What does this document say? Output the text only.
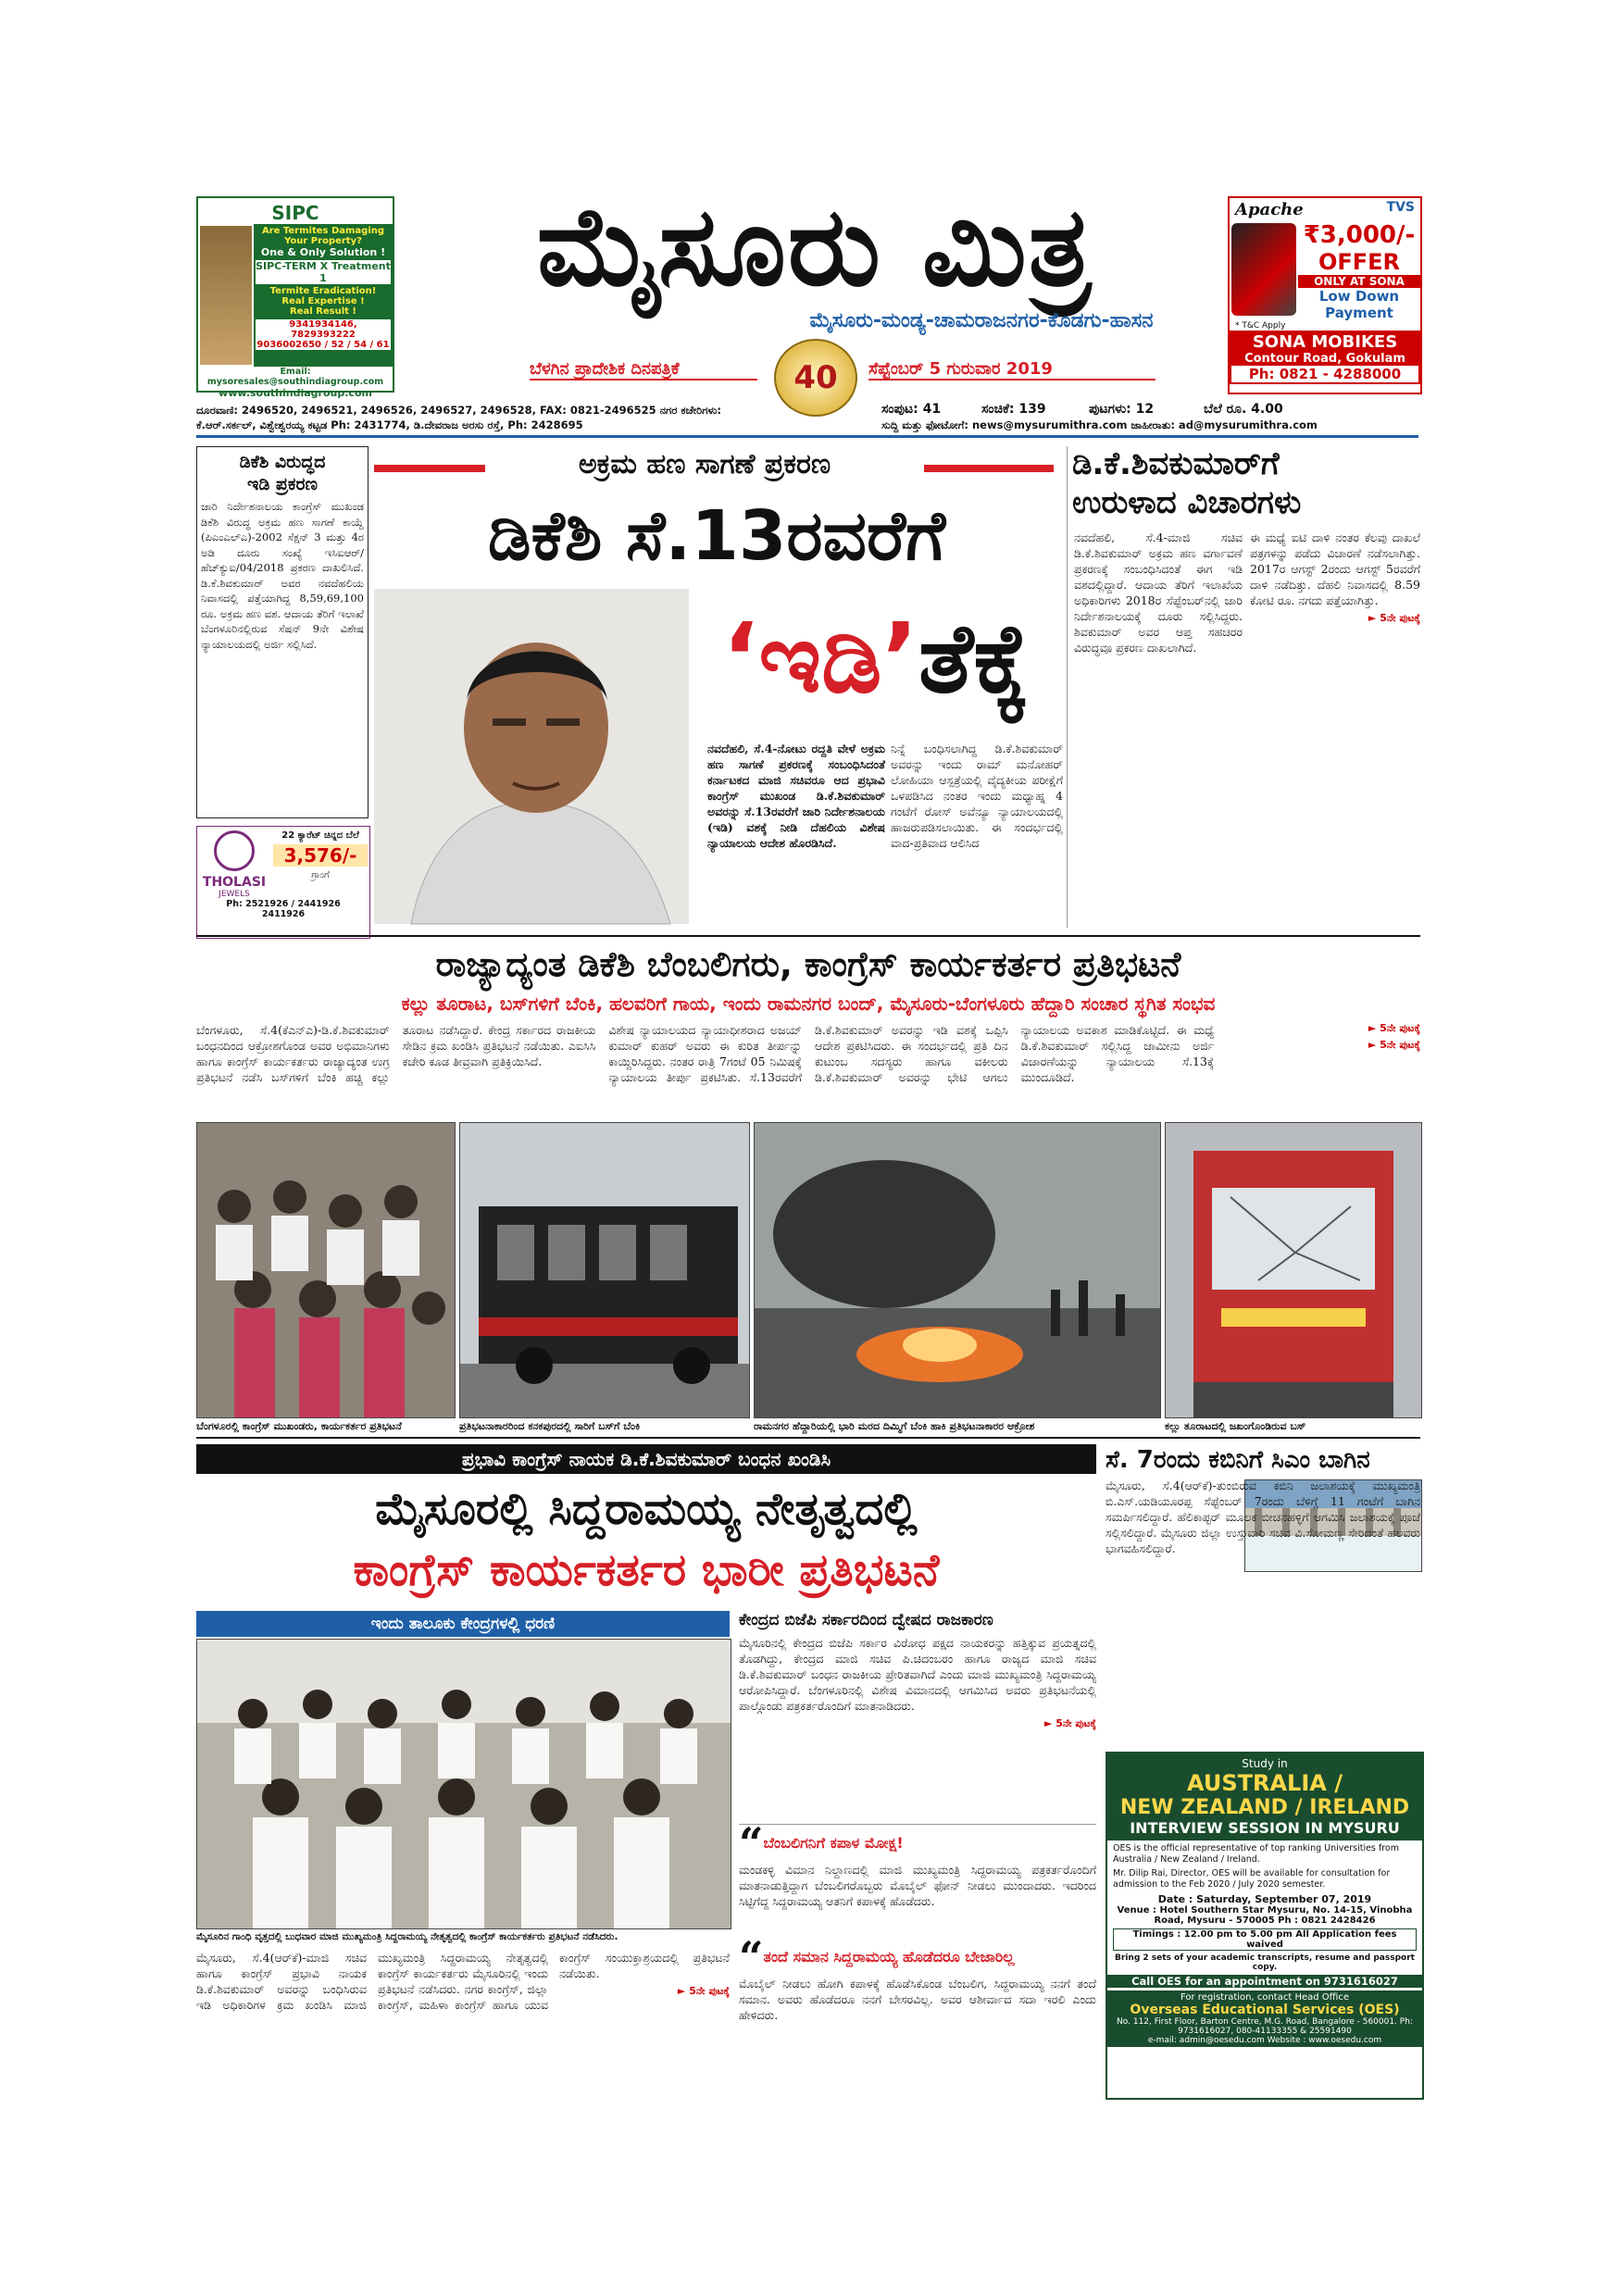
SIPC
Are Termites Damaging Your Property?
One & Only Solution !
SIPC-TERM X Treatment 1
Termite Eradication!
Real Expertise !
Real Result !
9341934146, 7829393222
9036002650 / 52 / 54 / 61
Email: mysoresales@southindiagroup.com
www.southindiagroup.com
ಮೈಸೂರು ಮಿತ್ರ
ಮೈಸೂರು-ಮಂಡ್ಯ-ಚಾಮರಾಜನಗರ-ಕೊಡಗು-ಹಾಸನ
ಬೆಳಗಿನ ಪ್ರಾದೇಶಿಕ ದಿನಪತ್ರಿಕೆ	40	ಸೆಪ್ಟೆಂಬರ್ 5 ಗುರುವಾರ 2019
Apache	TVS
₹3,000/-
OFFER
ONLY AT SONA
Low Down
Payment
* T&C Apply
SONA MOBIKES
Contour Road, Gokulam
Ph: 0821 - 4288000
ದೂರವಾಣಿ: 2496520, 2496521, 2496526, 2496527, 2496528, FAX: 0821-2496525 ನಗರ ಕಚೇರಿಗಳು:
ಕೆ.ಆರ್.ಸರ್ಕಲ್, ವಿಶ್ವೇಶ್ವರಯ್ಯ ಕಟ್ಟಡ Ph: 2431774, ಡಿ.ದೇವರಾಜ ಅರಸು ರಸ್ತೆ, Ph: 2428695
ಸಂಪುಟ: 41	ಸಂಚಿಕೆ: 139	ಪುಟಗಳು: 12	ಬೆಲೆ ರೂ. 4.00
ಸುದ್ದಿ ಮತ್ತು ಫೋಟೋಗೆ: news@mysurumithra.com ಜಾಹೀರಾತು: ad@mysurumithra.com
ಡಿಕೆಶಿ ವಿರುದ್ಧದ
ಇಡಿ ಪ್ರಕರಣ

ಜಾರಿ ನಿರ್ದೇಶನಾಲಯ ಕಾಂಗ್ರೆಸ್ ಮುಖಂಡ ಡಿಕೆಶಿ ವಿರುದ್ಧ ಅಕ್ರಮ ಹಣ ಸಾಗಣೆ ಕಾಯ್ದೆ (ಪಿಎಂಎಲ್ಎ)-2002 ಸೆಕ್ಷನ್ 3 ಮತ್ತು 4ರ ಅಡಿ ದೂರು ಸಂಖ್ಯೆ ಇಸಿಐಆರ್/ಹೆಚ್‌ಕ್ಯುಐ/04/2018 ಪ್ರಕರಣ ದಾಖಲಿಸಿದೆ. ಡಿ.ಕೆ.ಶಿವಕುಮಾರ್ ಅವರ ನವದೆಹಲಿಯ ನಿವಾಸದಲ್ಲಿ ಪತ್ತೆಯಾಗಿದ್ದ 8,59,69,100 ರೂ. ಅಕ್ರಮ ಹಣ ವಶ. ಆದಾಯ ತೆರಿಗೆ ಇಲಾಖೆ ಬೆಂಗಳೂರಿನಲ್ಲಿರುವ ಸೆಷನ್ 9ನೇ ವಿಶೇಷ ನ್ಯಾಯಾಲಯದಲ್ಲಿ ಅರ್ಜಿ ಸಲ್ಲಿಸಿದೆ.

THOLASI
JEWELS
22 ಕ್ಯಾರೆಟ್ ಚಿನ್ನದ ಬೆಲೆ
3,576/-
ಗ್ರಾಂಗೆ
Ph: 2521926 / 2441926
2411926
ಅಕ್ರಮ ಹಣ ಸಾಗಣೆ ಪ್ರಕರಣ
ಡಿಕೆಶಿ ಸೆ.13ರವರೆಗೆ
‘ಇಡಿ’ತೆಕ್ಕೆ

ನವದೆಹಲಿ, ಸೆ.4-ನೋಟು ರದ್ದತಿ ವೇಳೆ ಅಕ್ರಮ ಹಣ ಸಾಗಣೆ ಪ್ರಕರಣಕ್ಕೆ ಸಂಬಂಧಿಸಿದಂತೆ ಕರ್ನಾಟಕದ ಮಾಜಿ ಸಚಿವರೂ ಆದ ಪ್ರಭಾವಿ ಕಾಂಗ್ರೆಸ್ ಮುಖಂಡ ಡಿ.ಕೆ.ಶಿವಕುಮಾರ್ ಅವರನ್ನು ಸೆ.13ರವರೆಗೆ ಜಾರಿ ನಿರ್ದೇಶನಾಲಯ (ಇಡಿ) ವಶಕ್ಕೆ ನೀಡಿ ದೆಹಲಿಯ ವಿಶೇಷ ನ್ಯಾಯಾಲಯ ಆದೇಶ ಹೊರಡಿಸಿದೆ.

ನಿನ್ನೆ ಬಂಧಿಸಲಾಗಿದ್ದ ಡಿ.ಕೆ.ಶಿವಕುಮಾರ್ ಅವರನ್ನು ಇಂದು ರಾಮ್ ಮನೋಹರ್ ಲೋಹಿಯಾ ಆಸ್ಪತ್ರೆಯಲ್ಲಿ ವೈದ್ಯಕೀಯ ಪರೀಕ್ಷೆಗೆ ಒಳಪಡಿಸಿದ ನಂತರ ಇಂದು ಮಧ್ಯಾಹ್ನ 4 ಗಂಟೆಗೆ ರೋಸ್ ಅವೆನ್ಯೂ ನ್ಯಾಯಾಲಯದಲ್ಲಿ ಹಾಜರುಪಡಿಸಲಾಯಿತು. ಈ ಸಂದರ್ಭದಲ್ಲಿ ವಾದ-ಪ್ರತಿವಾದ ಆಲಿಸಿದ

ಡಿ.ಕೆ.ಶಿವಕುಮಾರ್‌ಗೆ
ಉರುಳಾದ ವಿಚಾರಗಳು

ನವದೆಹಲಿ, ಸೆ.4-ಮಾಜಿ ಸಚಿವ ಡಿ.ಕೆ.ಶಿವಕುಮಾರ್ ಅಕ್ರಮ ಹಣ ವರ್ಗಾವಣೆ ಪ್ರಕರಣಕ್ಕೆ ಸಂಬಂಧಿಸಿದಂತೆ ಈಗ ಇಡಿ ವಶದಲ್ಲಿದ್ದಾರೆ. ಆದಾಯ ತೆರಿಗೆ ಇಲಾಖೆಯ ಅಧಿಕಾರಿಗಳು 2018ರ ಸೆಪ್ಟೆಂಬರ್‌ನಲ್ಲಿ ಜಾರಿ ನಿರ್ದೇಶನಾಲಯಕ್ಕೆ ದೂರು ಸಲ್ಲಿಸಿದ್ದರು. ಶಿವಕುಮಾರ್ ಅವರ ಆಪ್ತ ಸಹಚರರ ವಿರುದ್ಧವೂ ಪ್ರಕರಣ ದಾಖಲಾಗಿದೆ.

ಈ ಮಧ್ಯೆ ಐಟಿ ದಾಳಿ ನಂತರ ಕೆಲವು ದಾಖಲೆ ಪತ್ರಗಳನ್ನು ಪಡೆದು ವಿಚಾರಣೆ ನಡೆಸಲಾಗಿತ್ತು. 2017ರ ಆಗಸ್ಟ್ 2ರಂದು ಆಗಸ್ಟ್ 5ರವರೆಗೆ ದಾಳಿ ನಡೆದಿತ್ತು. ದೆಹಲಿ ನಿವಾಸದಲ್ಲಿ 8.59 ಕೋಟಿ ರೂ. ನಗದು ಪತ್ತೆಯಾಗಿತ್ತು.

► 5ನೇ ಪುಟಕ್ಕೆ
ರಾಜ್ಯಾದ್ಯಂತ ಡಿಕೆಶಿ ಬೆಂಬಲಿಗರು, ಕಾಂಗ್ರೆಸ್ ಕಾರ್ಯಕರ್ತರ ಪ್ರತಿಭಟನೆ
ಕಲ್ಲು ತೂರಾಟ, ಬಸ್‌ಗಳಿಗೆ ಬೆಂಕಿ, ಹಲವರಿಗೆ ಗಾಯ, ಇಂದು ರಾಮನಗರ ಬಂದ್, ಮೈಸೂರು-ಬೆಂಗಳೂರು ಹೆದ್ದಾರಿ ಸಂಚಾರ ಸ್ಥಗಿತ ಸಂಭವ

ಬೆಂಗಳೂರು, ಸೆ.4(ಕೆಎನ್‌ಎ)-ಡಿ.ಕೆ.ಶಿವಕುಮಾರ್ ಬಂಧನದಿಂದ ಆಕ್ರೋಶಗೊಂಡ ಅವರ ಅಭಿಮಾನಿಗಳು ಹಾಗೂ ಕಾಂಗ್ರೆಸ್ ಕಾರ್ಯಕರ್ತರು ರಾಜ್ಯಾದ್ಯಂತ ಉಗ್ರ ಪ್ರತಿಭಟನೆ ನಡೆಸಿ ಬಸ್‌ಗಳಿಗೆ ಬೆಂಕಿ ಹಚ್ಚಿ ಕಲ್ಲು ತೂರಾಟ ನಡೆಸಿದ್ದಾರೆ. ಕೇಂದ್ರ ಸರ್ಕಾರದ ರಾಜಕೀಯ ಸೇಡಿನ ಕ್ರಮ ಖಂಡಿಸಿ ಪ್ರತಿಭಟನೆ ನಡೆಯಿತು. ಎಐಸಿಸಿ ಕಚೇರಿ ಕೂಡ ತೀವ್ರವಾಗಿ ಪ್ರತಿಕ್ರಿಯಿಸಿದೆ.

ವಿಶೇಷ ನ್ಯಾಯಾಲಯದ ನ್ಯಾಯಾಧೀಶರಾದ ಅಜಯ್ ಕುಮಾರ್ ಕುಹರ್ ಅವರು ಈ ಕುರಿತ ತೀರ್ಪನ್ನು ಕಾಯ್ದಿರಿಸಿದ್ದರು. ನಂತರ ರಾತ್ರಿ 7ಗಂಟೆ 05 ನಿಮಿಷಕ್ಕೆ ನ್ಯಾಯಾಲಯ ತೀರ್ಪು ಪ್ರಕಟಿಸಿತು. ಸೆ.13ರವರೆಗೆ ಡಿ.ಕೆ.ಶಿವಕುಮಾರ್ ಅವರನ್ನು ಇಡಿ ವಶಕ್ಕೆ ಒಪ್ಪಿಸಿ ಆದೇಶ ಪ್ರಕಟಿಸಿದರು. ಈ ಸಂದರ್ಭದಲ್ಲಿ ಪ್ರತಿ ದಿನ ಕುಟುಂಬ ಸದಸ್ಯರು ಹಾಗೂ ವಕೀಲರು ಡಿ.ಕೆ.ಶಿವಕುಮಾರ್ ಅವರನ್ನು ಭೇಟಿ ಆಗಲು ನ್ಯಾಯಾಲಯ ಅವಕಾಶ ಮಾಡಿಕೊಟ್ಟಿದೆ. ಈ ಮಧ್ಯೆ ಡಿ.ಕೆ.ಶಿವಕುಮಾರ್ ಸಲ್ಲಿಸಿದ್ದ ಜಾಮೀನು ಅರ್ಜಿ ವಿಚಾರಣೆಯನ್ನು ನ್ಯಾಯಾಲಯ ಸೆ.13ಕ್ಕೆ ಮುಂದೂಡಿದೆ.

► 5ನೇ ಪುಟಕ್ಕೆ
► 5ನೇ ಪುಟಕ್ಕೆ
ಬೆಂಗಳೂರಲ್ಲಿ ಕಾಂಗ್ರೆಸ್ ಮುಖಂಡರು, ಕಾರ್ಯಕರ್ತರ ಪ್ರತಿಭಟನೆ	ಪ್ರತಿಭಟನಾಕಾರರಿಂದ ಕನಕಪುರದಲ್ಲಿ ಸಾರಿಗೆ ಬಸ್‌ಗೆ ಬೆಂಕಿ	ರಾಮನಗರ ಹೆದ್ದಾರಿಯಲ್ಲಿ ಭಾರಿ ಮರದ ದಿಮ್ಮಿಗೆ ಬೆಂಕಿ ಹಾಕಿ ಪ್ರತಿಭಟನಾಕಾರರ ಆಕ್ರೋಶ	ಕಲ್ಲು ತೂರಾಟದಲ್ಲಿ ಜಖಂಗೊಂಡಿರುವ ಬಸ್
ಪ್ರಭಾವಿ ಕಾಂಗ್ರೆಸ್ ನಾಯಕ ಡಿ.ಕೆ.ಶಿವಕುಮಾರ್ ಬಂಧನ ಖಂಡಿಸಿ
ಮೈಸೂರಲ್ಲಿ ಸಿದ್ದರಾಮಯ್ಯ ನೇತೃತ್ವದಲ್ಲಿ
ಕಾಂಗ್ರೆಸ್ ಕಾರ್ಯಕರ್ತರ ಭಾರೀ ಪ್ರತಿಭಟನೆ
ಇಂದು ತಾಲೂಕು ಕೇಂದ್ರಗಳಲ್ಲಿ ಧರಣಿ
ಮೈಸೂರಿನ ಗಾಂಧಿ ವೃತ್ತದಲ್ಲಿ ಬುಧವಾರ ಮಾಜಿ ಮುಖ್ಯಮಂತ್ರಿ ಸಿದ್ದರಾಮಯ್ಯ ನೇತೃತ್ವದಲ್ಲಿ ಕಾಂಗ್ರೆಸ್ ಕಾರ್ಯಕರ್ತರು ಪ್ರತಿಭಟನೆ ನಡೆಸಿದರು.

ಮೈಸೂರು, ಸೆ.4(ಆರ್‌ಕೆ)-ಮಾಜಿ ಸಚಿವ ಹಾಗೂ ಕಾಂಗ್ರೆಸ್ ಪ್ರಭಾವಿ ನಾಯಕ ಡಿ.ಕೆ.ಶಿವಕುಮಾರ್ ಅವರನ್ನು ಬಂಧಿಸಿರುವ ಇಡಿ ಅಧಿಕಾರಿಗಳ ಕ್ರಮ ಖಂಡಿಸಿ ಮಾಜಿ ಮುಖ್ಯಮಂತ್ರಿ ಸಿದ್ದರಾಮಯ್ಯ ನೇತೃತ್ವದಲ್ಲಿ ಕಾಂಗ್ರೆಸ್ ಕಾರ್ಯಕರ್ತರು ಮೈಸೂರಿನಲ್ಲಿ ಇಂದು ಪ್ರತಿಭಟನೆ ನಡೆಸಿದರು. ನಗರ ಕಾಂಗ್ರೆಸ್, ಜಿಲ್ಲಾ ಕಾಂಗ್ರೆಸ್, ಮಹಿಳಾ ಕಾಂಗ್ರೆಸ್ ಹಾಗೂ ಯುವ ಕಾಂಗ್ರೆಸ್ ಸಂಯುಕ್ತಾಶ್ರಯದಲ್ಲಿ ಪ್ರತಿಭಟನೆ ನಡೆಯಿತು.

► 5ನೇ ಪುಟಕ್ಕೆ
ಕೇಂದ್ರದ ಬಿಜೆಪಿ ಸರ್ಕಾರದಿಂದ ದ್ವೇಷದ ರಾಜಕಾರಣ

ಮೈಸೂರಿನಲ್ಲಿ ಕೇಂದ್ರದ ಬಿಜೆಪಿ ಸರ್ಕಾರ ವಿರೋಧ ಪಕ್ಷದ ನಾಯಕರನ್ನು ಹತ್ತಿಕ್ಕುವ ಪ್ರಯತ್ನದಲ್ಲಿ ತೊಡಗಿದ್ದು, ಕೇಂದ್ರದ ಮಾಜಿ ಸಚಿವ ಪಿ.ಚಿದಂಬರಂ ಹಾಗೂ ರಾಜ್ಯದ ಮಾಜಿ ಸಚಿವ ಡಿ.ಕೆ.ಶಿವಕುಮಾರ್ ಬಂಧನ ರಾಜಕೀಯ ಪ್ರೇರಿತವಾಗಿದೆ ಎಂದು ಮಾಜಿ ಮುಖ್ಯಮಂತ್ರಿ ಸಿದ್ದರಾಮಯ್ಯ ಆರೋಪಿಸಿದ್ದಾರೆ. ಬೆಂಗಳೂರಿನಲ್ಲಿ ವಿಶೇಷ ವಿಮಾನದಲ್ಲಿ ಆಗಮಿಸಿದ ಅವರು ಪ್ರತಿಭಟನೆಯಲ್ಲಿ ಪಾಲ್ಗೊಂಡು ಪತ್ರಕರ್ತರೊಂದಿಗೆ ಮಾತನಾಡಿದರು.

► 5ನೇ ಪುಟಕ್ಕೆ
“ ಬೆಂಬಲಿಗನಿಗೆ ಕಪಾಳ ಮೋಕ್ಷ!

ಮಂಡಕಳ್ಳಿ ವಿಮಾನ ನಿಲ್ದಾಣದಲ್ಲಿ ಮಾಜಿ ಮುಖ್ಯಮಂತ್ರಿ ಸಿದ್ದರಾಮಯ್ಯ ಪತ್ರಕರ್ತರೊಂದಿಗೆ ಮಾತನಾಡುತ್ತಿದ್ದಾಗ ಬೆಂಬಲಿಗರೊಬ್ಬರು ಮೊಬೈಲ್ ಫೋನ್ ನೀಡಲು ಮುಂದಾದರು. ಇದರಿಂದ ಸಿಟ್ಟಿಗೆದ್ದ ಸಿದ್ದರಾಮಯ್ಯ ಆತನಿಗೆ ಕಪಾಳಕ್ಕೆ ಹೊಡೆದರು.

“ ತಂದೆ ಸಮಾನ ಸಿದ್ದರಾಮಯ್ಯ ಹೊಡೆದರೂ ಬೇಜಾರಿಲ್ಲ

ಮೊಬೈಲ್ ನೀಡಲು ಹೋಗಿ ಕಪಾಳಕ್ಕೆ ಹೊಡೆಸಿಕೊಂಡ ಬೆಂಬಲಿಗ, ಸಿದ್ದರಾಮಯ್ಯ ನನಗೆ ತಂದೆ ಸಮಾನ. ಅವರು ಹೊಡೆದರೂ ನನಗೆ ಬೇಸರವಿಲ್ಲ. ಅವರ ಆಶೀರ್ವಾದ ಸದಾ ಇರಲಿ ಎಂದು ಹೇಳಿದರು.

ಸೆ. 7ರಂದು ಕಬಿನಿಗೆ ಸಿಎಂ ಬಾಗಿನ

ಮೈಸೂರು, ಸೆ.4(ಆರ್‌ಕೆ)-ತುಂಬಿರುವ ಕಬಿನಿ ಜಲಾಶಯಕ್ಕೆ ಮುಖ್ಯಮಂತ್ರಿ ಬಿ.ಎಸ್.ಯಡಿಯೂರಪ್ಪ ಸೆಪ್ಟೆಂಬರ್ 7ರಂದು ಬೆಳಿಗ್ಗೆ 11 ಗಂಟೆಗೆ ಬಾಗಿನ ಸಮರ್ಪಿಸಲಿದ್ದಾರೆ. ಹೆಲಿಕಾಪ್ಟರ್ ಮೂಲಕ ಬೀಚನಹಳ್ಳಿಗೆ ಆಗಮಿಸಿ ಜಲಾಶಯಕ್ಕೆ ಪೂಜೆ ಸಲ್ಲಿಸಲಿದ್ದಾರೆ. ಮೈಸೂರು ಜಿಲ್ಲಾ ಉಸ್ತುವಾರಿ ಸಚಿವ ವಿ.ಸೋಮಣ್ಣ ಸೇರಿದಂತೆ ಹಲವರು ಭಾಗವಹಿಸಲಿದ್ದಾರೆ.

Study in
AUSTRALIA /
NEW ZEALAND / IRELAND
INTERVIEW SESSION IN MYSURU
OES is the official representative of top ranking Universities from Australia / New Zealand / Ireland.
Mr. Dilip Rai, Director, OES will be available for consultation for admission to the Feb 2020 / July 2020 semester.
Date : Saturday, September 07, 2019
Venue : Hotel Southern Star Mysuru, No. 14-15, Vinobha Road, Mysuru - 570005 Ph : 0821 2428426
Timings : 12.00 pm to 5.00 pm All Application fees waived
Bring 2 sets of your academic transcripts, resume and passport copy.
Call OES for an appointment on 9731616027
For registration, contact Head Office
Overseas Educational Services (OES)
No. 112, First Floor, Barton Centre, M.G. Road, Bangalore - 560001. Ph: 9731616027, 080-41133355 & 25591490
e-mail: admin@oesedu.com Website : www.oesedu.com
